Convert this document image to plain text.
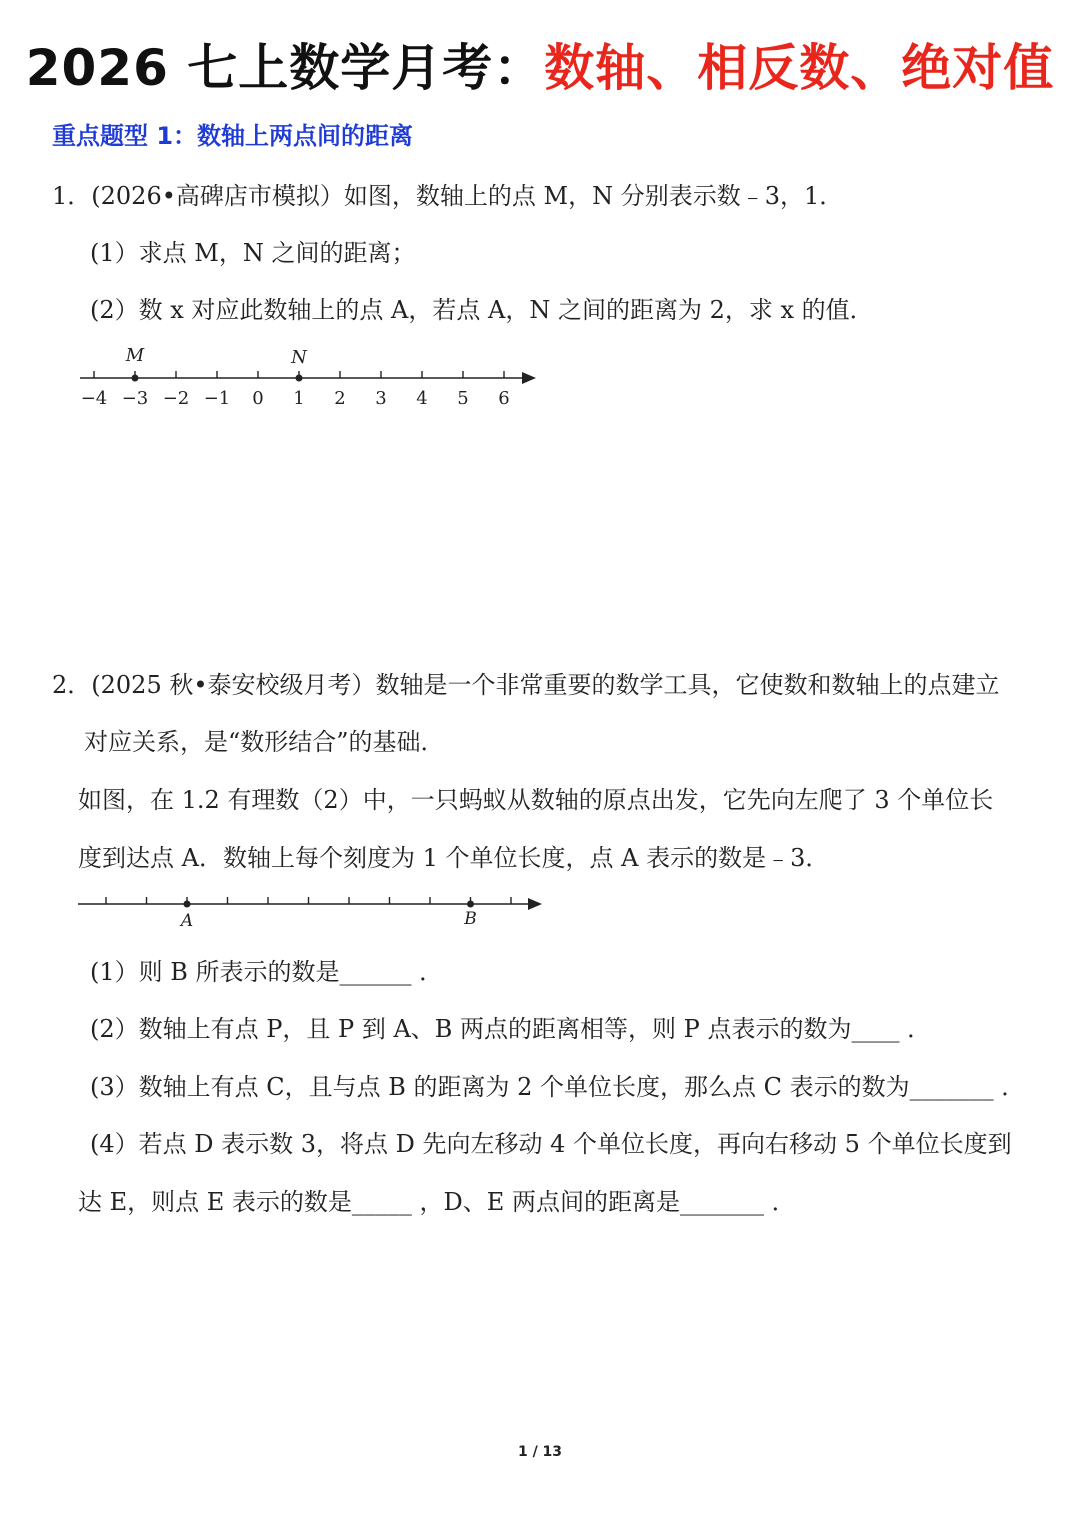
2026 七上数学月考：数轴、相反数、绝对值
重点题型 1：数轴上两点间的距离
1．(2026•高碑店市模拟）如图，数轴上的点 M，N 分别表示数﹣3，1．
(1）求点 M，N 之间的距离；
(2）数 x 对应此数轴上的点 A，若点 A，N 之间的距离为 2，求 x 的值．
−4 −3 −2 −1 0 1 2 3 4 5 6
M	N
2．(2025 秋•泰安校级月考）数轴是一个非常重要的数学工具，它使数和数轴上的点建立
对应关系，是“数形结合”的基础．
如图，在 1.2 有理数（2）中，一只蚂蚁从数轴的原点出发，它先向左爬了 3 个单位长
度到达点 A．数轴上每个刻度为 1 个单位长度，点 A 表示的数是﹣3．
A	B
(1）则 B 所表示的数是______ ．
(2）数轴上有点 P，且 P 到 A、B 两点的距离相等，则 P 点表示的数为____ ．
(3）数轴上有点 C，且与点 B 的距离为 2 个单位长度，那么点 C 表示的数为_______ ．
(4）若点 D 表示数 3，将点 D 先向左移动 4 个单位长度，再向右移动 5 个单位长度到
达 E，则点 E 表示的数是_____ ，D、E 两点间的距离是_______ ．
1 / 13
